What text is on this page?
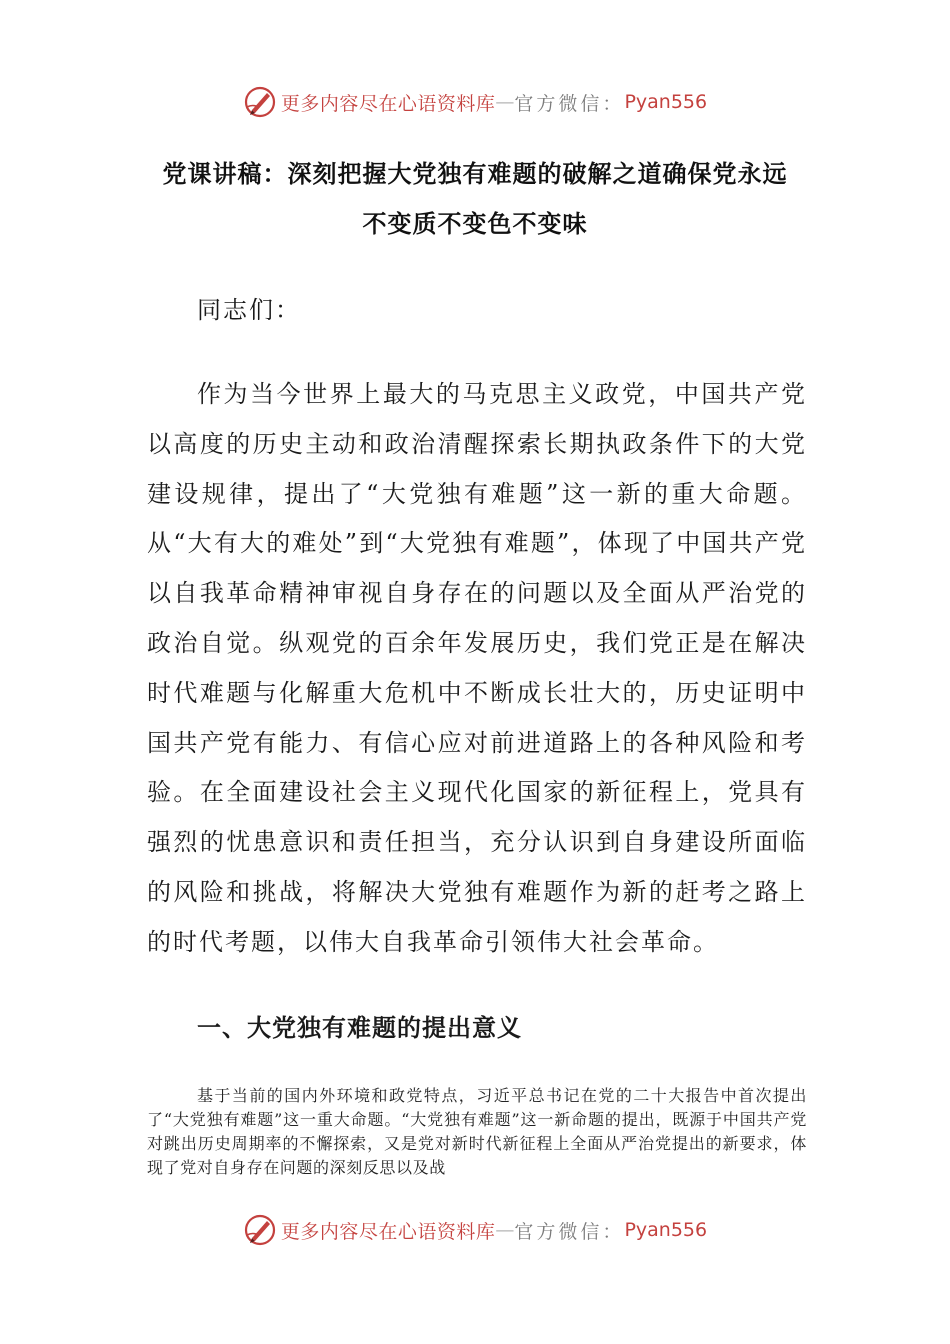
更多内容尽在心语资料库 — 官方微信： Pyan556
党课讲稿：深刻把握大党独有难题的破解之道确保党永远
不变质不变色不变味

同志们：

作为当今世界上最大的马克思主义政党，中国共产党以高度的历史主动和政治清醒探索长期执政条件下的大党建设规律，提出了“大党独有难题”这一新的重大命题。从“大有大的难处”到“大党独有难题”，体现了中国共产党以自我革命精神审视自身存在的问题以及全面从严治党的政治自觉。纵观党的百余年发展历史，我们党正是在解决时代难题与化解重大危机中不断成长壮大的，历史证明中国共产党有能力、有信心应对前进道路上的各种风险和考验。在全面建设社会主义现代化国家的新征程上，党具有强烈的忧患意识和责任担当，充分认识到自身建设所面临的风险和挑战，将解决大党独有难题作为新的赶考之路上的时代考题，以伟大自我革命引领伟大社会革命。

一、大党独有难题的提出意义

基于当前的国内外环境和政党特点，习近平总书记在党的二十大报告中首次提出了“大党独有难题”这一重大命题。“大党独有难题”这一新命题的提出，既源于中国共产党对跳出历史周期率的不懈探索，又是党对新时代新征程上全面从严治党提出的新要求，体现了党对自身存在问题的深刻反思以及战

更多内容尽在心语资料库 — 官方微信： Pyan556
